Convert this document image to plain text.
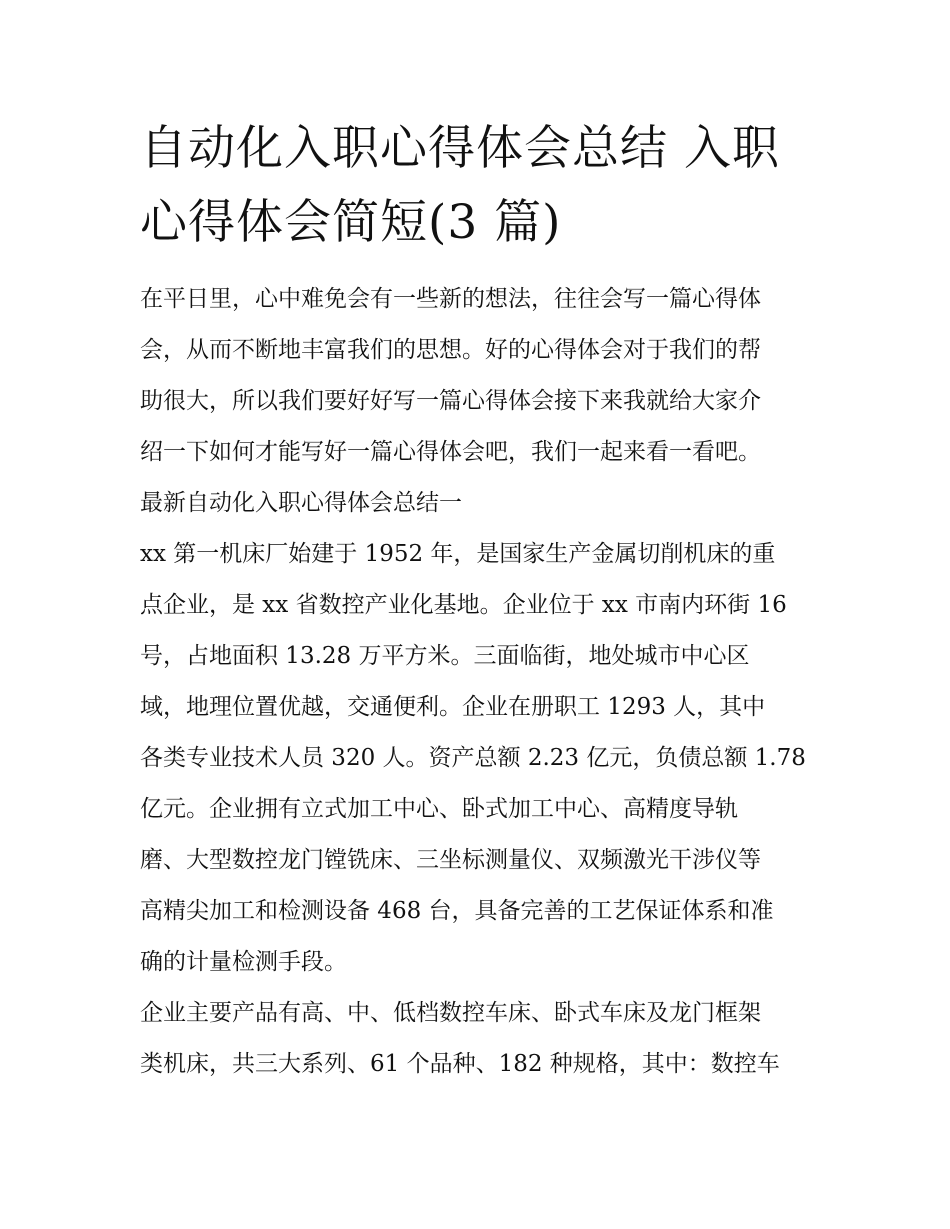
自动化入职心得体会总结 入职
心得体会简短(3 篇)
在平日里，心中难免会有一些新的想法，往往会写一篇心得体
会，从而不断地丰富我们的思想。好的心得体会对于我们的帮
助很大，所以我们要好好写一篇心得体会接下来我就给大家介
绍一下如何才能写好一篇心得体会吧，我们一起来看一看吧。
最新自动化入职心得体会总结一
xx 第一机床厂始建于 1952 年，是国家生产金属切削机床的重
点企业，是 xx 省数控产业化基地。企业位于 xx 市南内环街 16
号，占地面积 13.28 万平方米。三面临街，地处城市中心区
域，地理位置优越，交通便利。企业在册职工 1293 人，其中
各类专业技术人员 320 人。资产总额 2.23 亿元，负债总额 1.78
亿元。企业拥有立式加工中心、卧式加工中心、高精度导轨
磨、大型数控龙门镗铣床、三坐标测量仪、双频激光干涉仪等
高精尖加工和检测设备 468 台，具备完善的工艺保证体系和准
确的计量检测手段。
企业主要产品有高、中、低档数控车床、卧式车床及龙门框架
类机床，共三大系列、61 个品种、182 种规格，其中：数控车
